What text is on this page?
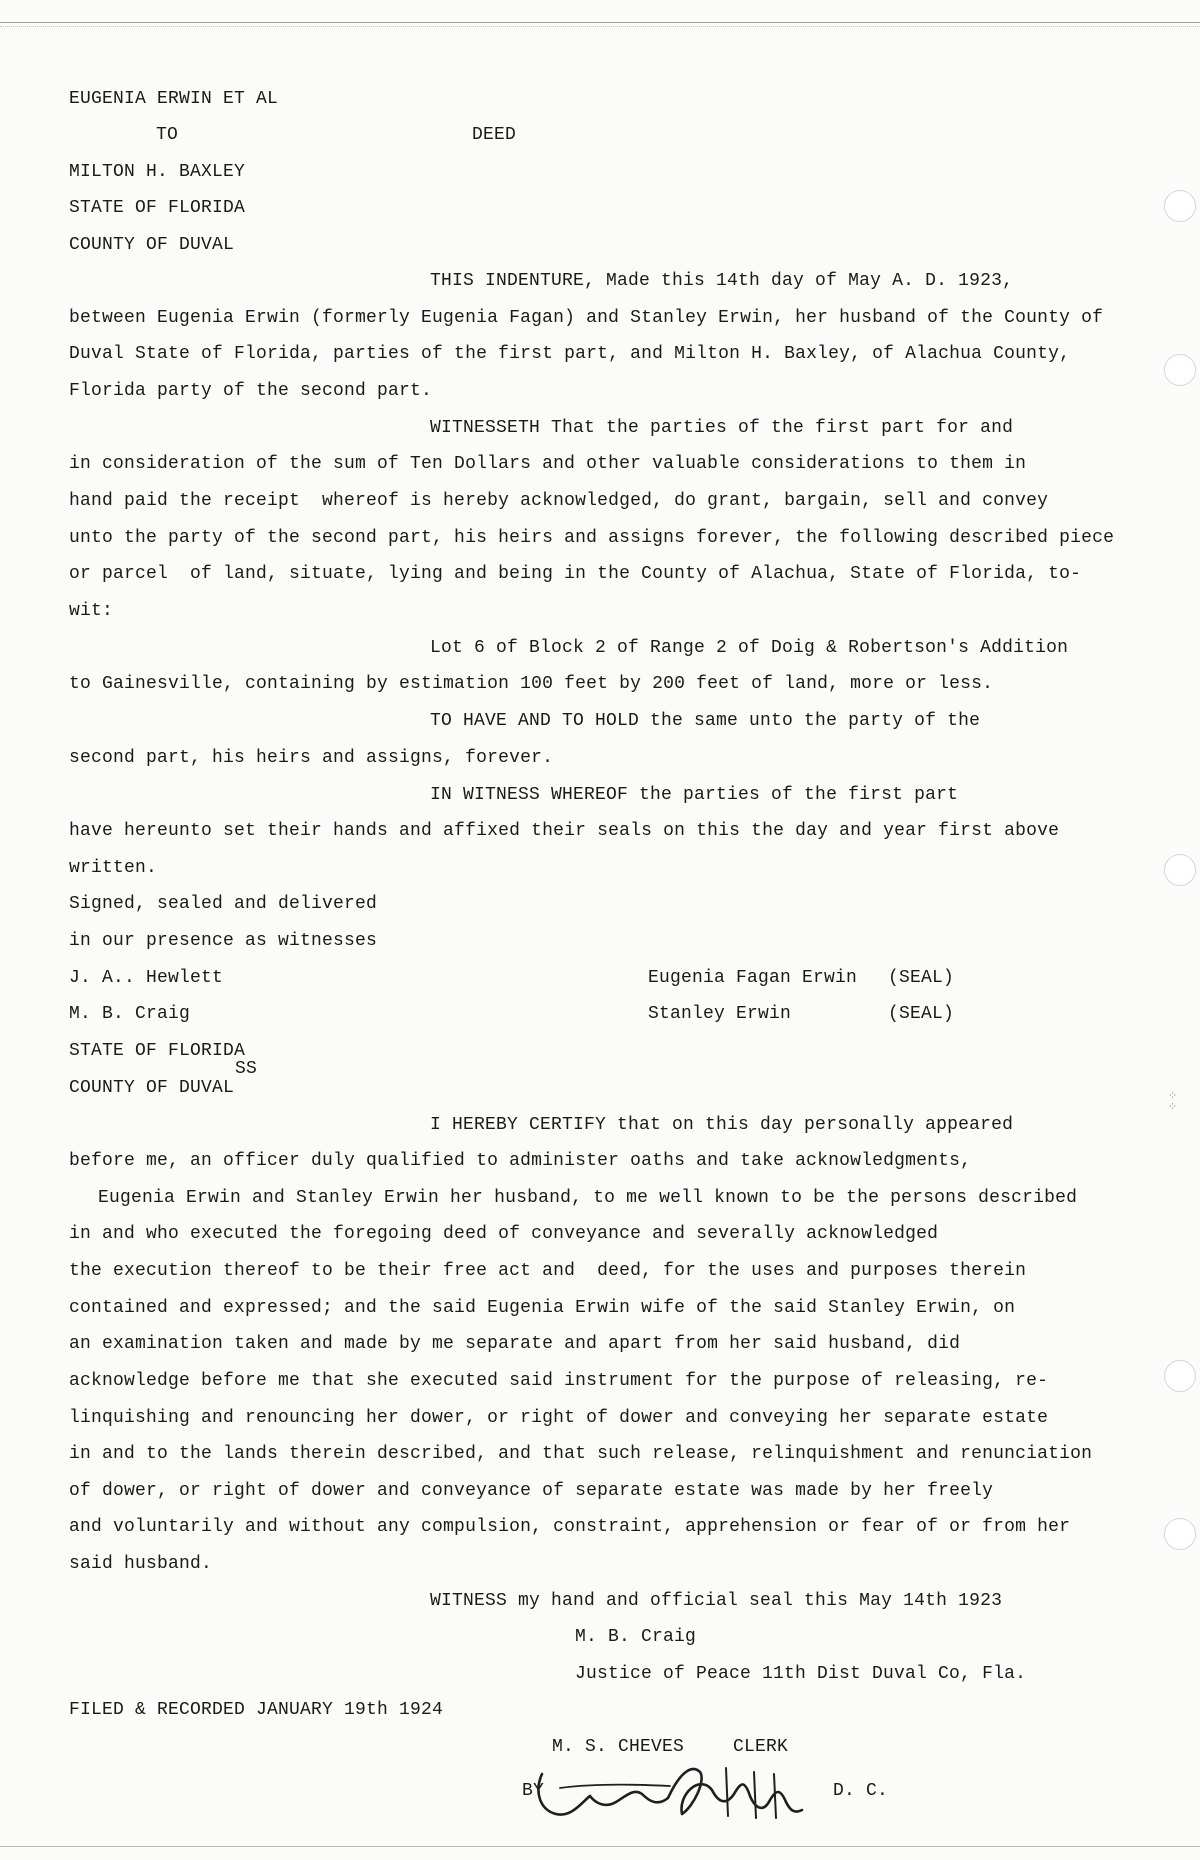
EUGENIA ERWIN ET AL
TO	DEED
MILTON H. BAXLEY
STATE OF FLORIDA
COUNTY OF DUVAL
THIS INDENTURE, Made this 14th day of May A. D. 1923,
between Eugenia Erwin (formerly Eugenia Fagan) and Stanley Erwin, her husband of the County of
Duval State of Florida, parties of the first part, and Milton H. Baxley, of Alachua County,
Florida party of the second part.
WITNESSETH That the parties of the first part for and
in consideration of the sum of Ten Dollars and other valuable considerations to them in
hand paid the receipt  whereof is hereby acknowledged, do grant, bargain, sell and convey
unto the party of the second part, his heirs and assigns forever, the following described piece
or parcel  of land, situate, lying and being in the County of Alachua, State of Florida, to-
wit:
Lot 6 of Block 2 of Range 2 of Doig & Robertson's Addition
to Gainesville, containing by estimation 100 feet by 200 feet of land, more or less.
TO HAVE AND TO HOLD the same unto the party of the
second part, his heirs and assigns, forever.
IN WITNESS WHEREOF the parties of the first part
have hereunto set their hands and affixed their seals on this the day and year first above
written.
Signed, sealed and delivered
in our presence as witnesses
J. A.. Hewlett
M. B. Craig
Eugenia Fagan Erwin (SEAL)
Stanley Erwin	(SEAL)
STATE OF FLORIDA
SS
COUNTY OF DUVAL	⁘
⁘
I HEREBY CERTIFY that on this day personally appeared
before me, an officer duly qualified to administer oaths and take acknowledgments,
Eugenia Erwin and Stanley Erwin her husband, to me well known to be the persons described
in and who executed the foregoing deed of conveyance and severally acknowledged
the execution thereof to be their free act and  deed, for the uses and purposes therein
contained and expressed; and the said Eugenia Erwin wife of the said Stanley Erwin, on
an examination taken and made by me separate and apart from her said husband, did
acknowledge before me that she executed said instrument for the purpose of releasing, re-
linquishing and renouncing her dower, or right of dower and conveying her separate estate
in and to the lands therein described, and that such release, relinquishment and renunciation
of dower, or right of dower and conveyance of separate estate was made by her freely
and voluntarily and without any compulsion, constraint, apprehension or fear of or from her
said husband.
WITNESS my hand and official seal this May 14th 1923
M. B. Craig
Justice of Peace 11th Dist Duval Co, Fla.
FILED & RECORDED JANUARY 19th 1924
M. S. CHEVES	CLERK
BY	D. C.
